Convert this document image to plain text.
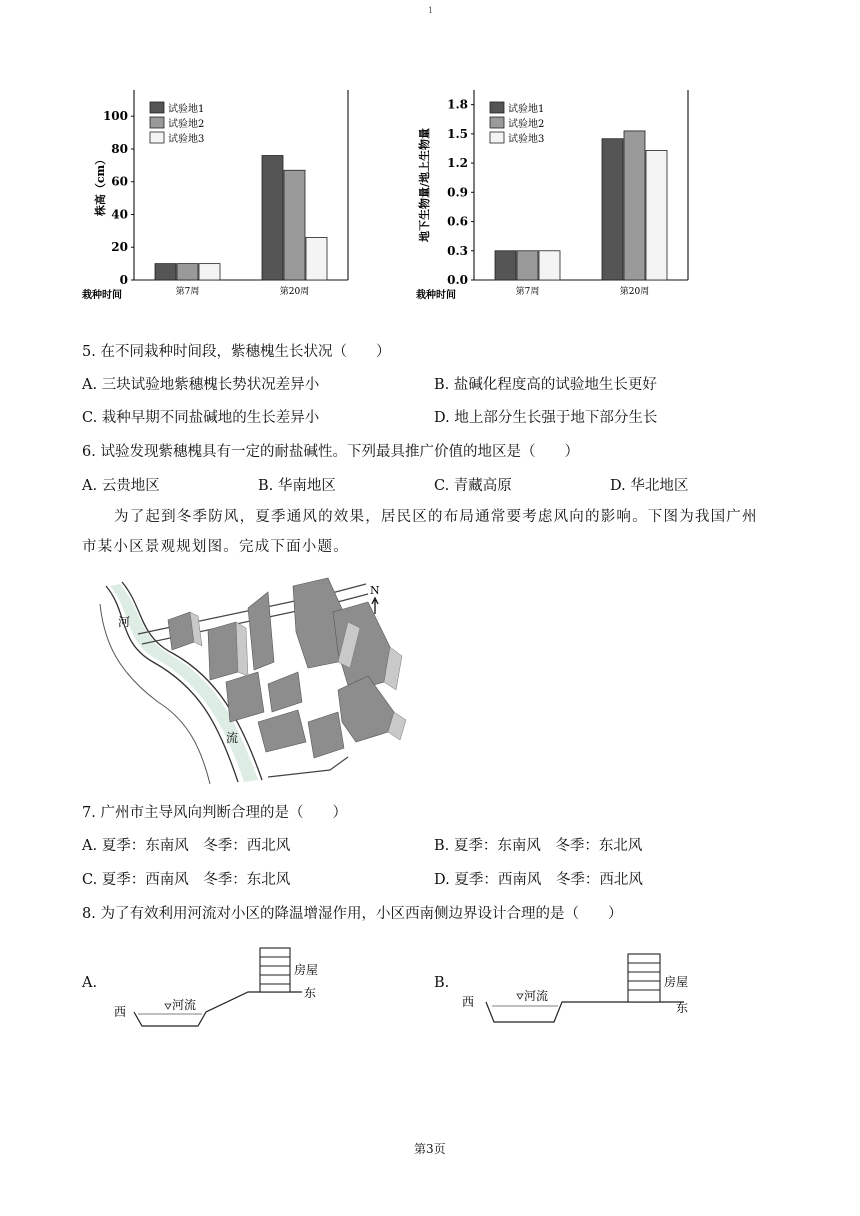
1
0
20
40
60
80
100
株高（cm）
栽种时间	第7周	第20周
试验地1
试验地2
试验地3
0.0
0.3
0.6
0.9
1.2
1.5
1.8
地下生物量/地上生物量
栽种时间	第7周	第20周
试验地1
试验地2
试验地3
5. 在不同栽种时间段，紫穗槐生长状况（　　）
A. 三块试验地紫穗槐长势状况差异小	B. 盐碱化程度高的试验地生长更好
C. 栽种早期不同盐碱地的生长差异小	D. 地上部分生长强于地下部分生长
6. 试验发现紫穗槐具有一定的耐盐碱性。下列最具推广价值的地区是（　　）
A. 云贵地区	B. 华南地区	C. 青藏高原	D. 华北地区
为了起到冬季防风，夏季通风的效果，居民区的布局通常要考虑风向的影响。下图为我国广州市某小区景观规划图。完成下面小题。
河
流
N
7. 广州市主导风向判断合理的是（　　）
A. 夏季：东南风　冬季：西北风	B. 夏季：东南风　冬季：东北风
C. 夏季：西南风　冬季：东北风	D. 夏季：西南风　冬季：西北风
8. 为了有效利用河流对小区的降温增湿作用，小区西南侧边界设计合理的是（　　）
A.	B.
河流
房屋
东
西
河流
房屋
东
西
第3页
